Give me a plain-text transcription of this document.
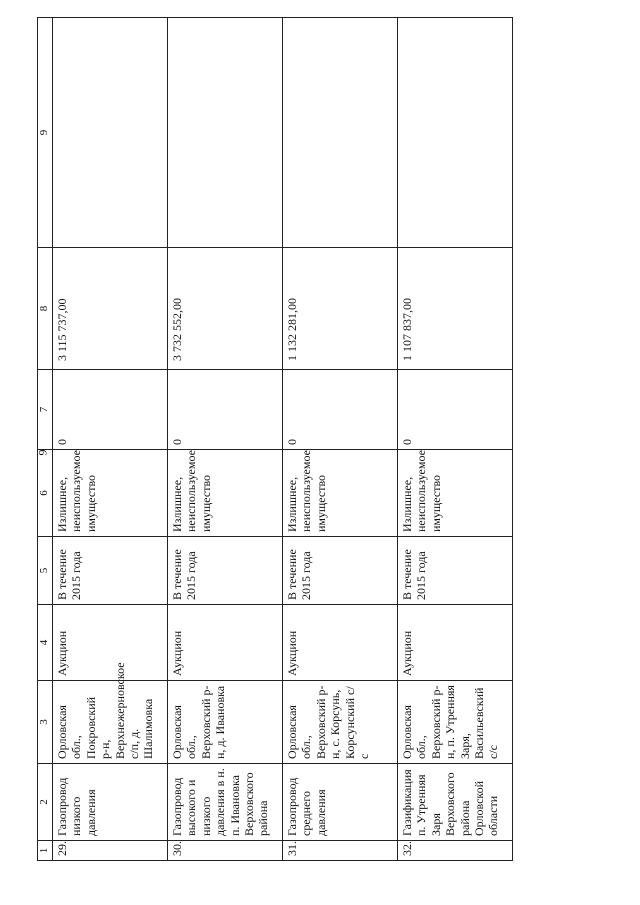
9
1	2	3	4	5	6	7	8	9
29.	Газопровод низкого давления	Орловская обл., Покровский р-н, Верхнежерновское с/п, д. Шалимовка	Аукцион	В течение 2015 года	Излишнее, неиспользуемое имущество	0	3 115 737,00	
30.	Газопровод высокого и низкого давления в н. п. Ивановка Верховского района	Орловская обл., Верховский р-н, д. Ивановка	Аукцион	В течение 2015 года	Излишнее, неиспользуемое имущество	0	3 732 552,00	
31.	Газопровод среднего давления	Орловская обл., Верховский р-н, с. Корсунь, Корсунский с/с	Аукцион	В течение 2015 года	Излишнее, неиспользуемое имущество	0	1 132 281,00	
32.	Газификация п. Утренняя Заря Верховского района Орловской области	Орловская обл., Верховский р-н, п. Утренняя Заря, Васильевский с/с	Аукцион	В течение 2015 года	Излишнее, неиспользуемое имущество	0	1 107 837,00	
